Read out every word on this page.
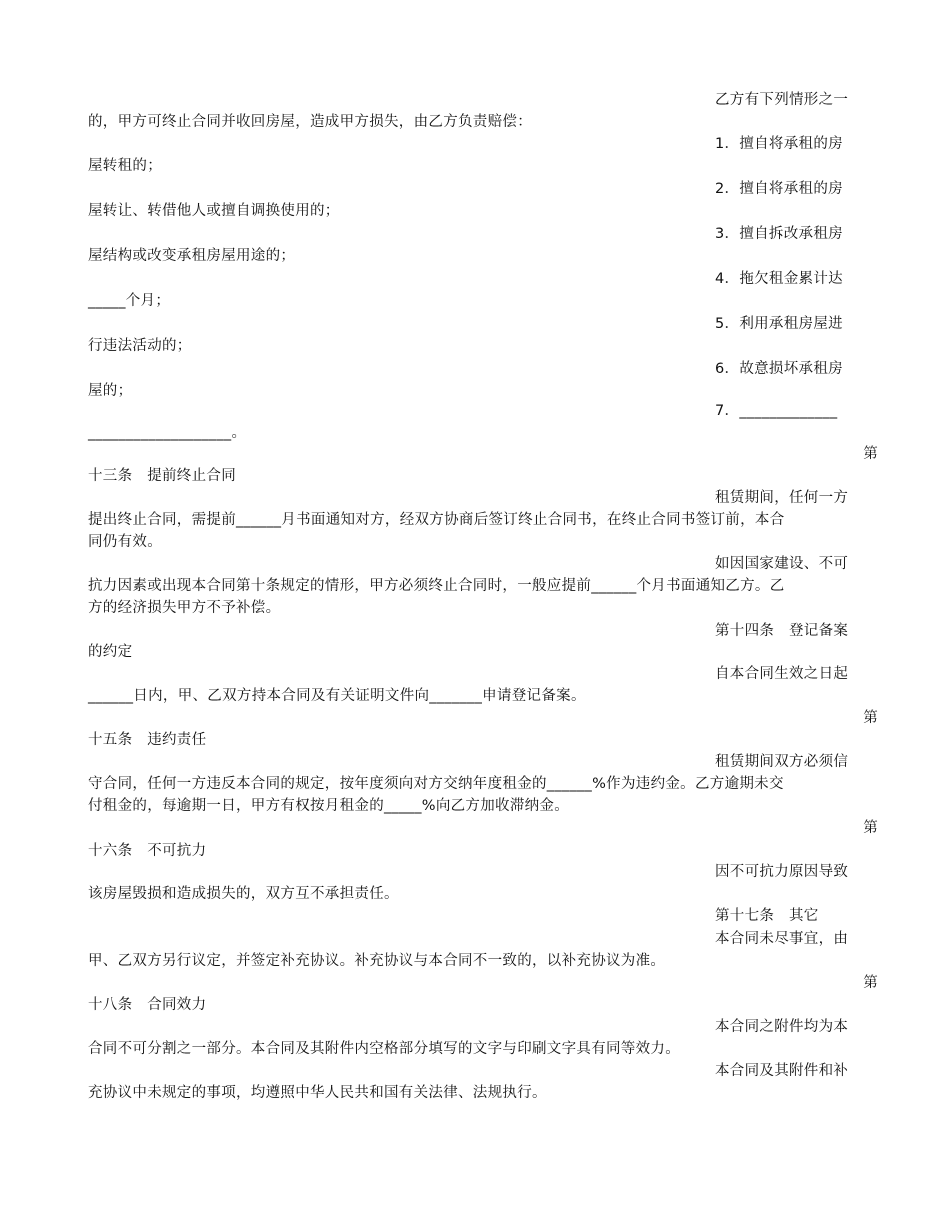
乙方有下列情形之一
的，甲方可终止合同并收回房屋，造成甲方损失，由乙方负责赔偿：
1．擅自将承租的房
屋转租的；
2．擅自将承租的房
屋转让、转借他人或擅自调换使用的；
3．擅自拆改承租房
屋结构或改变承租房屋用途的；
4．拖欠租金累计达
_____个月；
5．利用承租房屋进
行违法活动的；
6．故意损坏承租房
屋的；
7．_____________
___________________。
第
十三条　提前终止合同
租赁期间，任何一方
提出终止合同，需提前______月书面通知对方，经双方协商后签订终止合同书，在终止合同书签订前，本合
同仍有效。
如因国家建设、不可
抗力因素或出现本合同第十条规定的情形，甲方必须终止合同时，一般应提前______个月书面通知乙方。乙
方的经济损失甲方不予补偿。
第十四条　登记备案
的约定
自本合同生效之日起
______日内，甲、乙双方持本合同及有关证明文件向_______申请登记备案。
第
十五条　违约责任
租赁期间双方必须信
守合同，任何一方违反本合同的规定，按年度须向对方交纳年度租金的______%作为违约金。乙方逾期未交
付租金的，每逾期一日，甲方有权按月租金的_____%向乙方加收滞纳金。
第
十六条　不可抗力
因不可抗力原因导致
该房屋毁损和造成损失的，双方互不承担责任。
第十七条　其它
本合同未尽事宜，由
甲、乙双方另行议定，并签定补充协议。补充协议与本合同不一致的，以补充协议为准。
第
十八条　合同效力
本合同之附件均为本
合同不可分割之一部分。本合同及其附件内空格部分填写的文字与印刷文字具有同等效力。
本合同及其附件和补
充协议中未规定的事项，均遵照中华人民共和国有关法律、法规执行。
